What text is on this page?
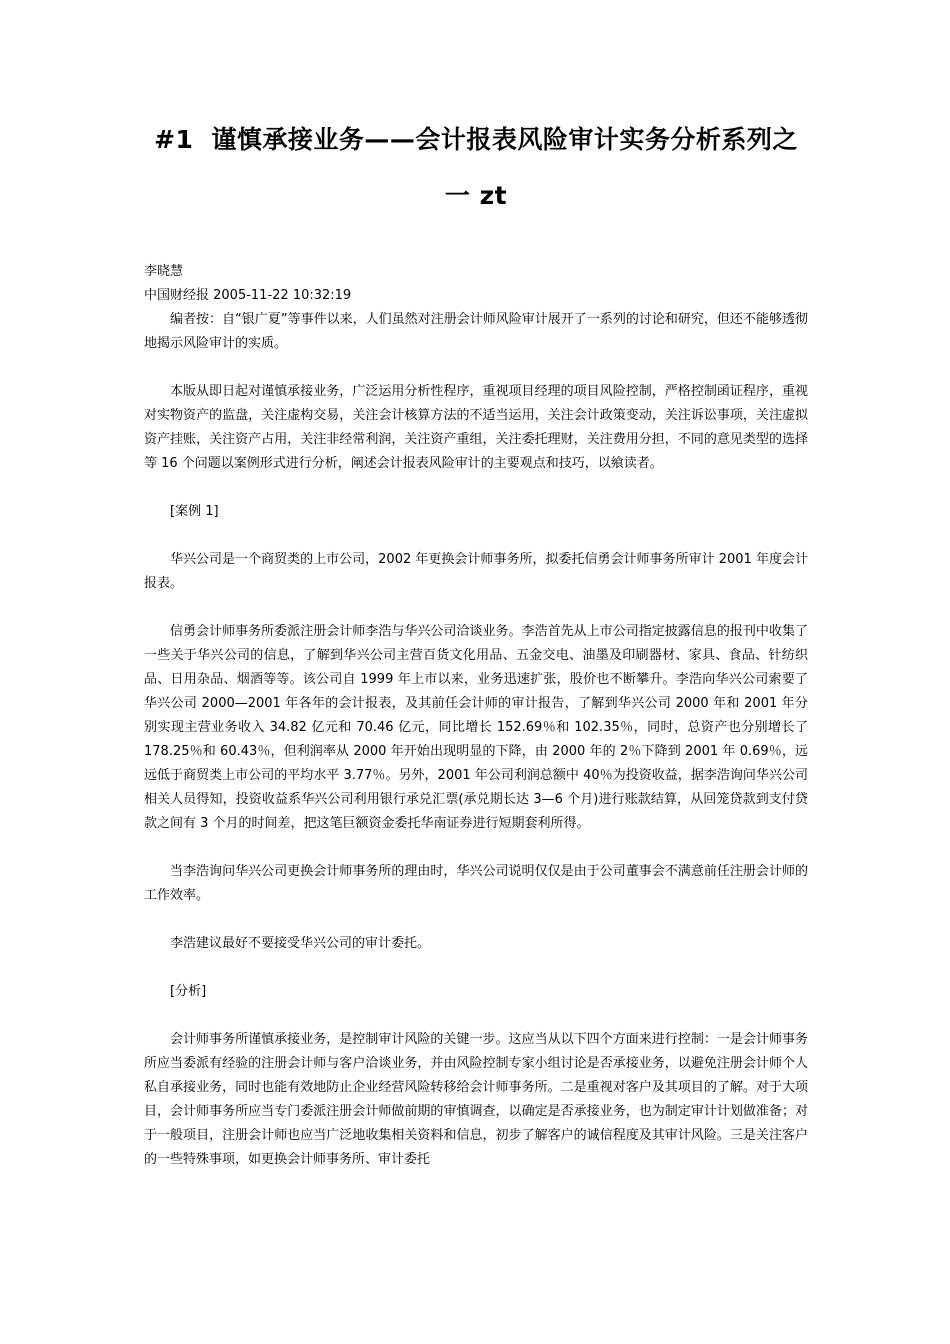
#1 谨慎承接业务——会计报表风险审计实务分析系列之一 zt
李晓慧
中国财经报 2005-11-22 10:32:19

编者按：自“银广夏”等事件以来，人们虽然对注册会计师风险审计展开了一系列的讨论和研究，但还不能够透彻地揭示风险审计的实质。

本版从即日起对谨慎承接业务，广泛运用分析性程序，重视项目经理的项目风险控制，严格控制函证程序，重视对实物资产的监盘，关注虚构交易，关注会计核算方法的不适当运用，关注会计政策变动，关注诉讼事项，关注虚拟资产挂账，关注资产占用，关注非经常利润，关注资产重组，关注委托理财，关注费用分担，不同的意见类型的选择等 16 个问题以案例形式进行分析，阐述会计报表风险审计的主要观点和技巧，以飨读者。

[案例 1]

华兴公司是一个商贸类的上市公司，2002 年更换会计师事务所，拟委托信勇会计师事务所审计 2001 年度会计报表。

信勇会计师事务所委派注册会计师李浩与华兴公司洽谈业务。李浩首先从上市公司指定披露信息的报刊中收集了一些关于华兴公司的信息，了解到华兴公司主营百货文化用品、五金交电、油墨及印刷器材、家具、食品、针纺织品、日用杂品、烟酒等等。该公司自 1999 年上市以来，业务迅速扩张，股价也不断攀升。李浩向华兴公司索要了华兴公司 2000—2001 年各年的会计报表，及其前任会计师的审计报告，了解到华兴公司 2000 年和 2001 年分别实现主营业务收入 34.82 亿元和 70.46 亿元，同比增长 152.69％和 102.35％，同时，总资产也分别增长了 178.25％和 60.43％，但利润率从 2000 年开始出现明显的下降，由 2000 年的 2％下降到 2001 年 0.69％，远远低于商贸类上市公司的平均水平 3.77％。另外，2001 年公司利润总额中 40％为投资收益，据李浩询问华兴公司相关人员得知，投资收益系华兴公司利用银行承兑汇票(承兑期长达 3—6 个月)进行账款结算，从回笼贷款到支付贷款之间有 3 个月的时间差，把这笔巨额资金委托华南证券进行短期套利所得。

当李浩询问华兴公司更换会计师事务所的理由时，华兴公司说明仅仅是由于公司董事会不满意前任注册会计师的工作效率。

李浩建议最好不要接受华兴公司的审计委托。

[分析]

会计师事务所谨慎承接业务，是控制审计风险的关键一步。这应当从以下四个方面来进行控制：一是会计师事务所应当委派有经验的注册会计师与客户洽谈业务，并由风险控制专家小组讨论是否承接业务，以避免注册会计师个人私自承接业务，同时也能有效地防止企业经营风险转移给会计师事务所。二是重视对客户及其项目的了解。对于大项目，会计师事务所应当专门委派注册会计师做前期的审慎调查，以确定是否承接业务，也为制定审计计划做准备；对于一般项目，注册会计师也应当广泛地收集相关资料和信息，初步了解客户的诚信程度及其审计风险。三是关注客户的一些特殊事项，如更换会计师事务所、审计委托
